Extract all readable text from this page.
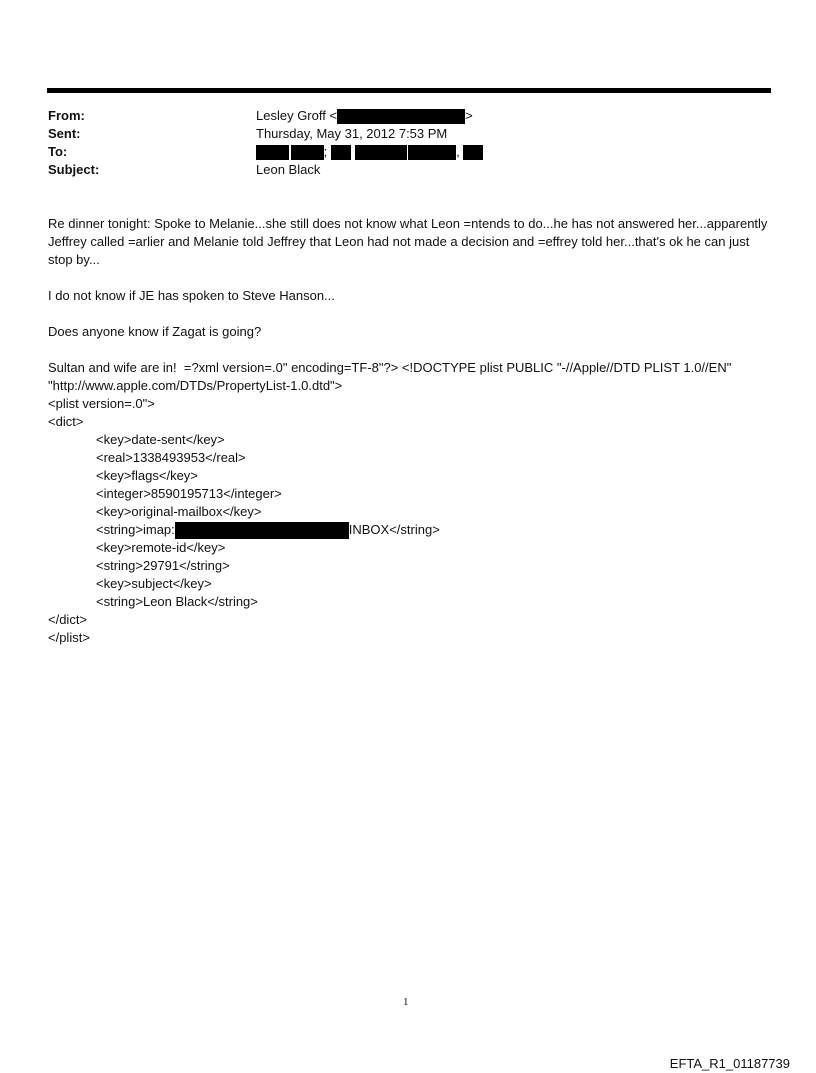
From:	Lesley Groff <	>
Sent:	Thursday, May 31, 2012 7:53 PM
To:	;	,
Subject:	Leon Black
Re dinner tonight: Spoke to Melanie...she still does not know what Leon =ntends to do...he has not answered her...apparently Jeffrey called =arlier and Melanie told Jeffrey that Leon had not made a decision and =effrey told her...that's ok he can just stop by...
I do not know if JE has spoken to Steve Hanson...
Does anyone know if Zagat is going?
Sultan and wife are in!  =?xml version=.0" encoding=TF-8"?> <!DOCTYPE plist PUBLIC "-//Apple//DTD PLIST 1.0//EN"
"http://www.apple.com/DTDs/PropertyList-1.0.dtd">
<plist version=.0">
<dict>
<key>date-sent</key>
<real>1338493953</real>
<key>flags</key>
<integer>8590195713</integer>
<key>original-mailbox</key>
<string>imap:	INBOX</string>
<key>remote-id</key>
<string>29791</string>
<key>subject</key>
<string>Leon Black</string>
</dict>
</plist>
1
EFTA_R1_01187739
